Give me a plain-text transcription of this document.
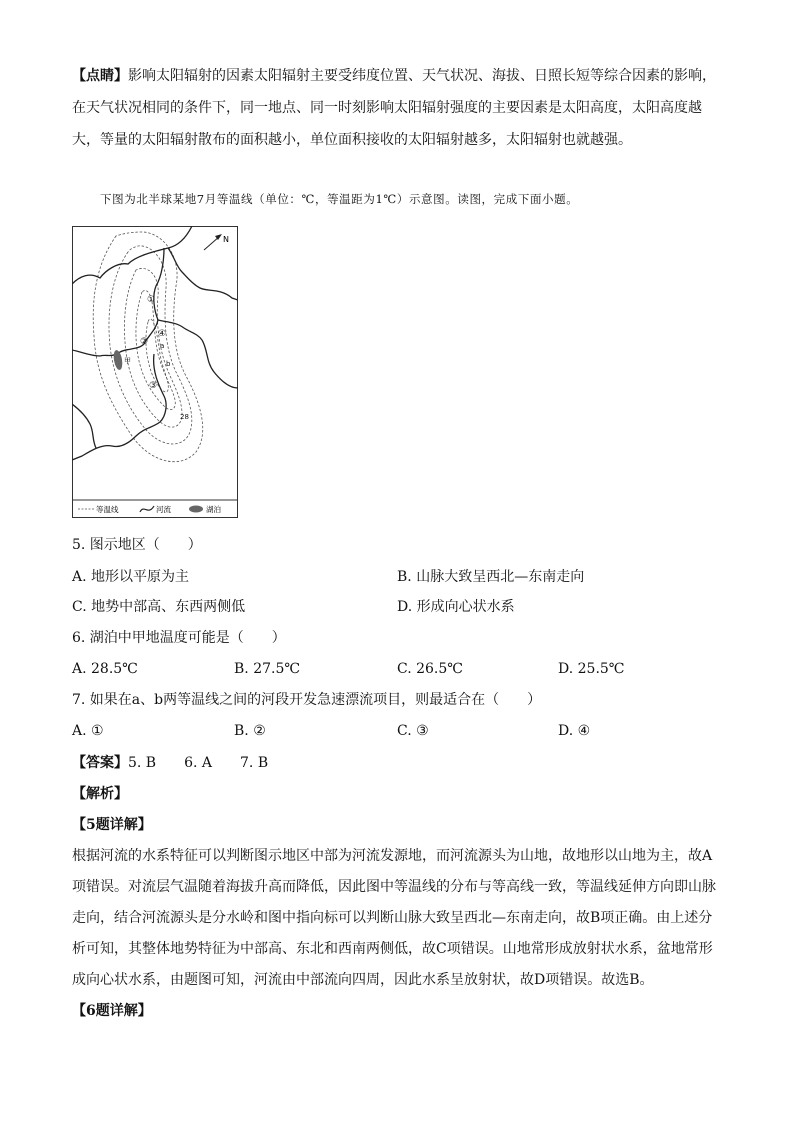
【点睛】影响太阳辐射的因素太阳辐射主要受纬度位置、天气状况、海拔、日照长短等综合因素的影响，
在天气状况相同的条件下，同一地点、同一时刻影响太阳辐射强度的主要因素是太阳高度，太阳高度越
大，等量的太阳辐射散布的面积越小，单位面积接收的太阳辐射越多，太阳辐射也就越强。
下图为北半球某地7月等温线（单位：℃，等温距为1℃）示意图。读图，完成下面小题。
N
①
②
③
④
a
b
甲
28
等温线	河流	湖泊
5. 图示地区（　　）
A. 地形以平原为主	B. 山脉大致呈西北—东南走向
C. 地势中部高、东西两侧低	D. 形成向心状水系
6. 湖泊中甲地温度可能是（　　）
A. 28.5℃	B. 27.5℃	C. 26.5℃	D. 25.5℃
7. 如果在a、b两等温线之间的河段开发急速漂流项目，则最适合在（　　）
A. ①	B. ②	C. ③	D. ④
【答案】5. B　　6. A　　7. B
【解析】
【5题详解】
根据河流的水系特征可以判断图示地区中部为河流发源地，而河流源头为山地，故地形以山地为主，故A
项错误。对流层气温随着海拔升高而降低，因此图中等温线的分布与等高线一致，等温线延伸方向即山脉
走向，结合河流源头是分水岭和图中指向标可以判断山脉大致呈西北—东南走向，故B项正确。由上述分
析可知，其整体地势特征为中部高、东北和西南两侧低，故C项错误。山地常形成放射状水系，盆地常形
成向心状水系，由题图可知，河流由中部流向四周，因此水系呈放射状，故D项错误。故选B。
【6题详解】
